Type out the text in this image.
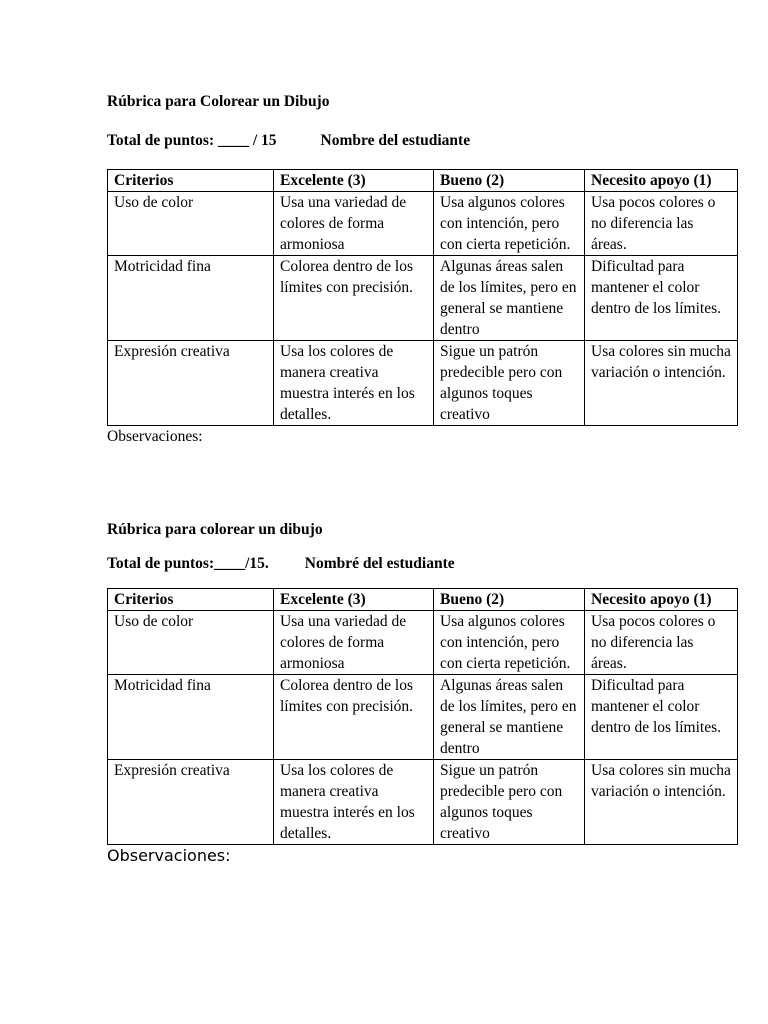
Rúbrica para Colorear un Dibujo

Total de puntos: ____ / 15	Nombre del estudiante

Criterios	Excelente (3)	Bueno (2)	Necesito apoyo (1)
Uso de color	Usa una variedad de colores de forma armoniosa	Usa algunos colores con intención, pero con cierta repetición.	Usa pocos colores o no diferencia las áreas.
Motricidad fina	Colorea dentro de los límites con precisión.	Algunas áreas salen de los límites, pero en general se mantiene dentro	Dificultad para mantener el color dentro de los límites.
Expresión creativa	Usa los colores de manera creativa muestra interés en los detalles.	Sigue un patrón predecible pero con algunos toques creativo	Usa colores sin mucha variación o intención.

Observaciones:

Rúbrica para colorear un dibujo

Total de puntos:____/15. Nombré del estudiante

Criterios	Excelente (3)	Bueno (2)	Necesito apoyo (1)
Uso de color	Usa una variedad de colores de forma armoniosa	Usa algunos colores con intención, pero con cierta repetición.	Usa pocos colores o no diferencia las áreas.
Motricidad fina	Colorea dentro de los límites con precisión.	Algunas áreas salen de los límites, pero en general se mantiene dentro	Dificultad para mantener el color dentro de los límites.
Expresión creativa	Usa los colores de manera creativa muestra interés en los detalles.	Sigue un patrón predecible pero con algunos toques creativo	Usa colores sin mucha variación o intención.

Observaciones:
